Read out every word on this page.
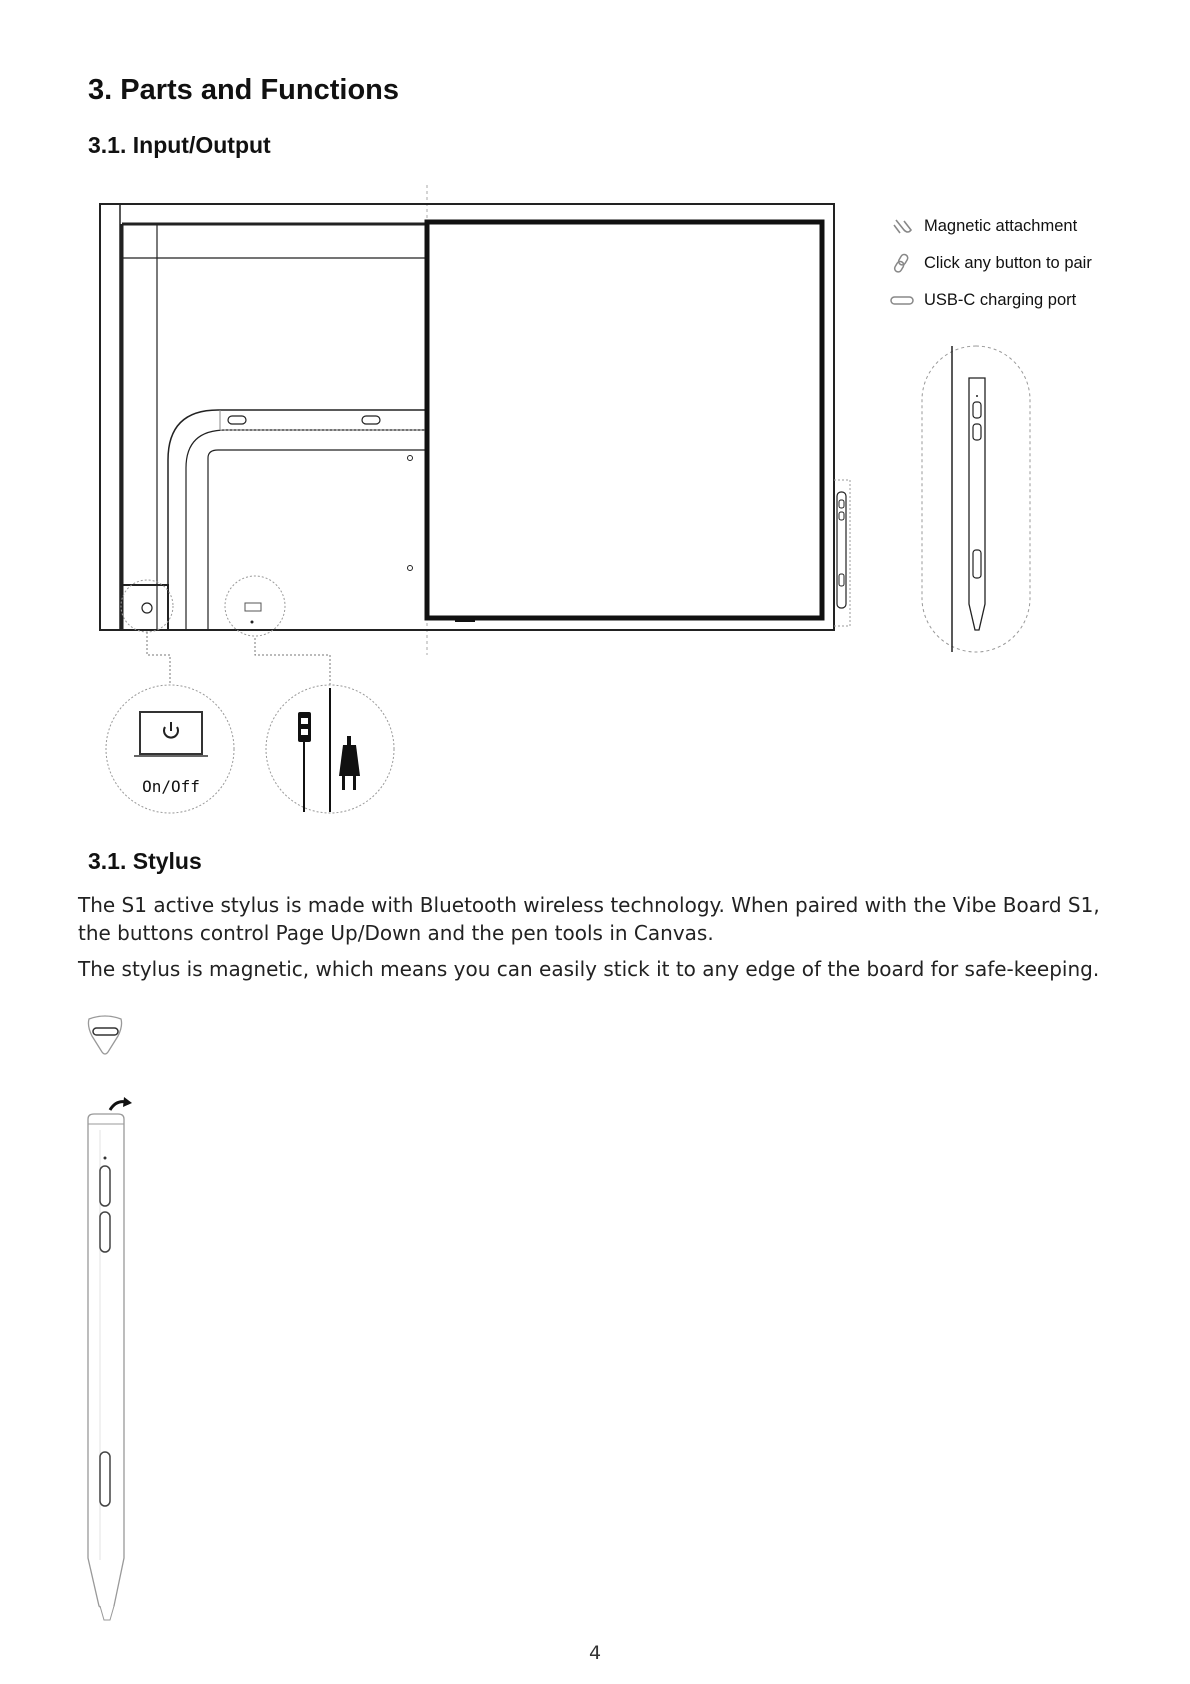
3. Parts and Functions
3.1. Input/Output
Magnetic attachment
Click any button to pair
USB-C charging port
On/Off
3.1. Stylus

The S1 active stylus is made with Bluetooth wireless technology. When paired with the Vibe Board S1, the buttons control Page Up/Down and the pen tools in Canvas.

The stylus is magnetic, which means you can easily stick it to any edge of the board for safe-keeping.

4
